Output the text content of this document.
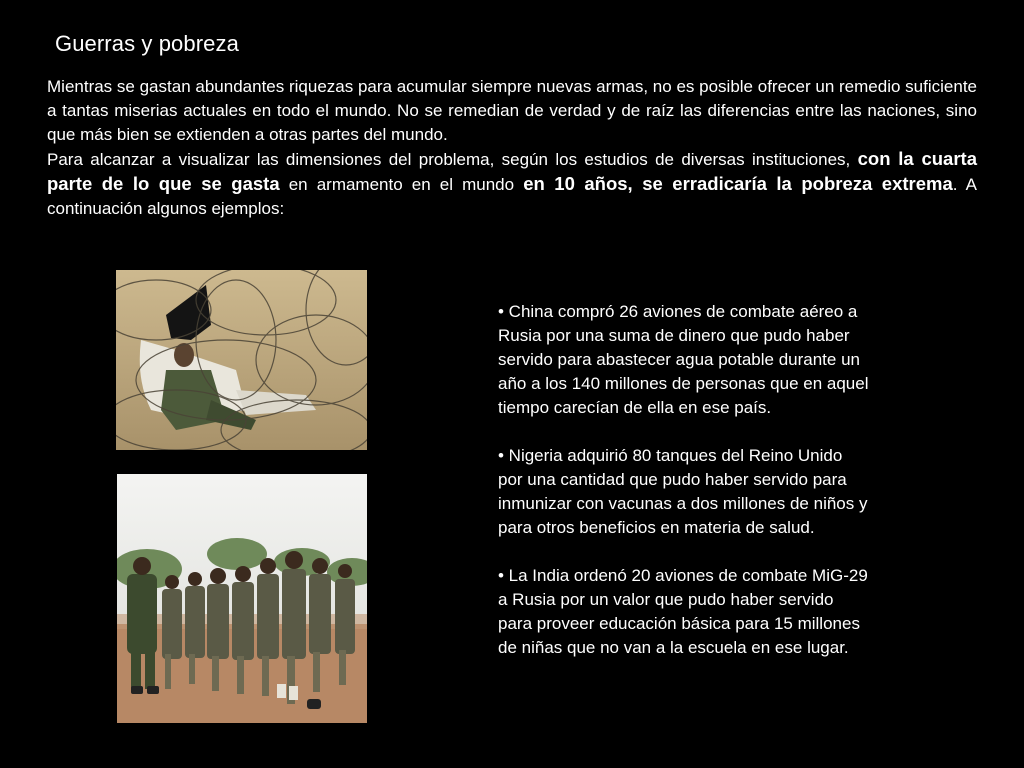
Guerras y pobreza

Mientras se gastan abundantes riquezas para acumular siempre nuevas armas, no es posible ofrecer un remedio suficiente a tantas miserias actuales en todo el mundo. No se remedian de verdad y de raíz las diferencias entre las naciones, sino que más bien se extienden a otras partes del mundo.

Para alcanzar a visualizar las dimensiones del problema, según los estudios de diversas instituciones, con la cuarta parte de lo que se gasta en armamento en el mundo en 10 años, se erradicaría la pobreza extrema. A continuación algunos ejemplos:

• China compró 26 aviones de combate aéreo a
Rusia por una suma de dinero que pudo haber
servido para abastecer agua potable durante un
año a los 140 millones de personas que en aquel
tiempo carecían de ella en ese país.

• Nigeria adquirió 80 tanques del Reino Unido
por una cantidad que pudo haber servido para
inmunizar con vacunas a dos millones de niños y
para otros beneficios en materia de salud.

• La India ordenó 20 aviones de combate MiG-29
a Rusia por un valor que pudo haber servido
para proveer educación básica para 15 millones
de niñas que no van a la escuela en ese lugar.
